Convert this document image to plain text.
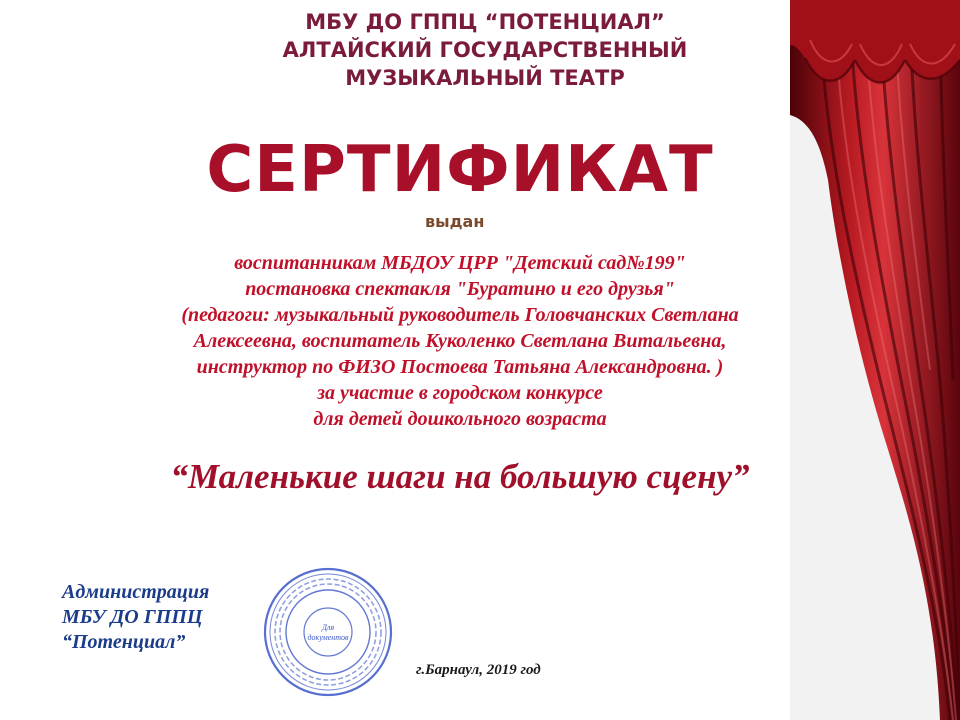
МБУ ДО ГППЦ “ПОТЕНЦИАЛ”
АЛТАЙСКИЙ ГОСУДАРСТВЕННЫЙ
МУЗЫКАЛЬНЫЙ ТЕАТР
СЕРТИФИКАТ
выдан
воспитанникам МБДОУ ЦРР "Детский сад№199"
постановка спектакля "Буратино и его друзья"
(педагоги: музыкальный руководитель Головчанских Светлана
Алексеевна, воспитатель Куколенко Светлана Витальевна,
инструктор по ФИЗО Постоева Татьяна Александровна. )
за участие в городском конкурсе
для детей дошкольного возраста
“Маленькие шаги на большую сцену”
Администрация
МБУ ДО ГППЦ
“Потенциал”
Для
документов
г.Барнаул, 2019 год
